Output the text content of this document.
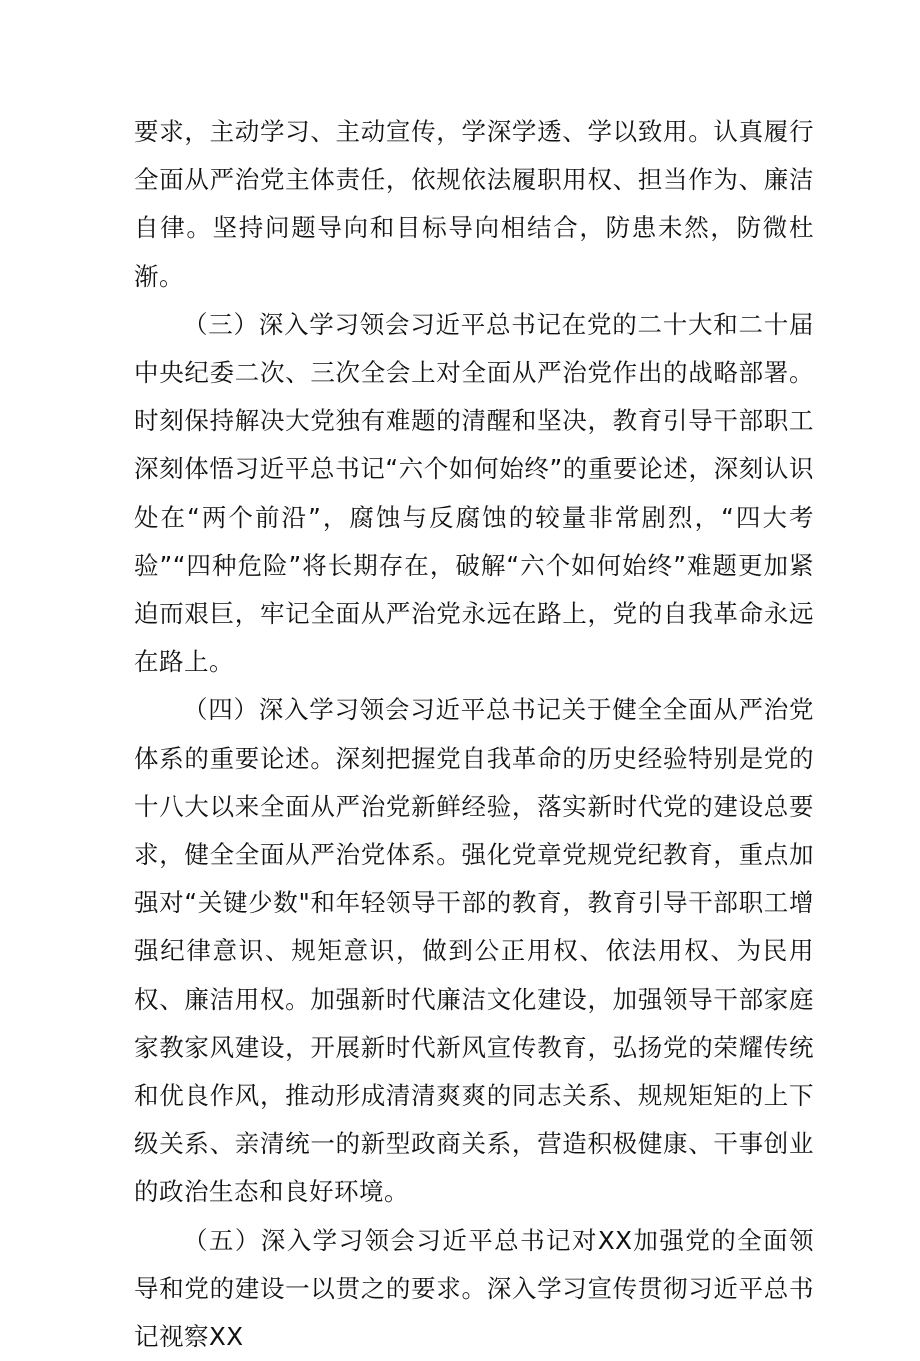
要求，主动学习、主动宣传，学深学透、学以致用。认真履行全面从严治党主体责任，依规依法履职用权、担当作为、廉洁自律。坚持问题导向和目标导向相结合，防患未然，防微杜渐。

（三）深入学习领会习近平总书记在党的二十大和二十届中央纪委二次、三次全会上对全面从严治党作出的战略部署。时刻保持解决大党独有难题的清醒和坚决，教育引导干部职工深刻体悟习近平总书记“六个如何始终”的重要论述，深刻认识处在“两个前沿”，腐蚀与反腐蚀的较量非常剧烈，“四大考验”“四种危险”将长期存在，破解“六个如何始终”难题更加紧迫而艰巨，牢记全面从严治党永远在路上，党的自我革命永远在路上。

（四）深入学习领会习近平总书记关于健全全面从严治党体系的重要论述。深刻把握党自我革命的历史经验特别是党的十八大以来全面从严治党新鲜经验，落实新时代党的建设总要求，健全全面从严治党体系。强化党章党规党纪教育，重点加强对“关键少数"和年轻领导干部的教育，教育引导干部职工增强纪律意识、规矩意识，做到公正用权、依法用权、为民用权、廉洁用权。加强新时代廉洁文化建设，加强领导干部家庭家教家风建设，开展新时代新风宣传教育，弘扬党的荣耀传统和优良作风，推动形成清清爽爽的同志关系、规规矩矩的上下级关系、亲清统一的新型政商关系，营造积极健康、干事创业的政治生态和良好环境。

（五）深入学习领会习近平总书记对XX加强党的全面领导和党的建设一以贯之的要求。深入学习宣传贯彻习近平总书记视察XX
